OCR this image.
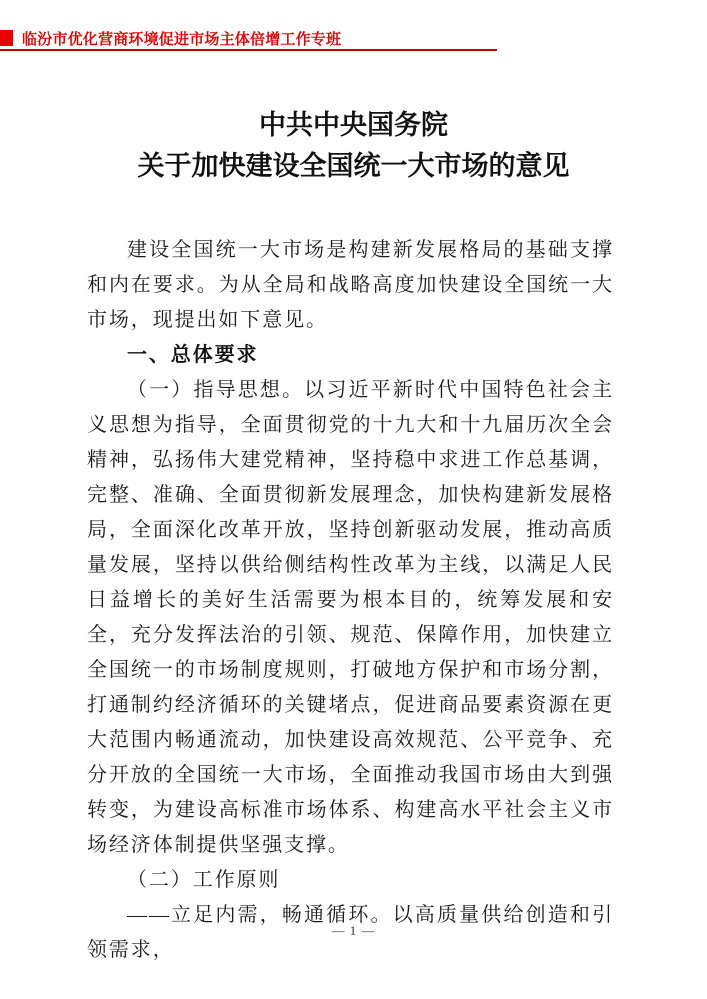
临汾市优化营商环境促进市场主体倍增工作专班
中共中央国务院
关于加快建设全国统一大市场的意见
建设全国统一大市场是构建新发展格局的基础支撑和内在要求。为从全局和战略高度加快建设全国统一大市场，现提出如下意见。
一、总体要求
（一）指导思想。以习近平新时代中国特色社会主义思想为指导，全面贯彻党的十九大和十九届历次全会精神，弘扬伟大建党精神，坚持稳中求进工作总基调，完整、准确、全面贯彻新发展理念，加快构建新发展格局，全面深化改革开放，坚持创新驱动发展，推动高质量发展，坚持以供给侧结构性改革为主线，以满足人民日益增长的美好生活需要为根本目的，统筹发展和安全，充分发挥法治的引领、规范、保障作用，加快建立全国统一的市场制度规则，打破地方保护和市场分割，打通制约经济循环的关键堵点，促进商品要素资源在更大范围内畅通流动，加快建设高效规范、公平竞争、充分开放的全国统一大市场，全面推动我国市场由大到强转变，为建设高标准市场体系、构建高水平社会主义市场经济体制提供坚强支撑。
（二）工作原则
——立足内需，畅通循环。以高质量供给创造和引领需求，
— 1 —
